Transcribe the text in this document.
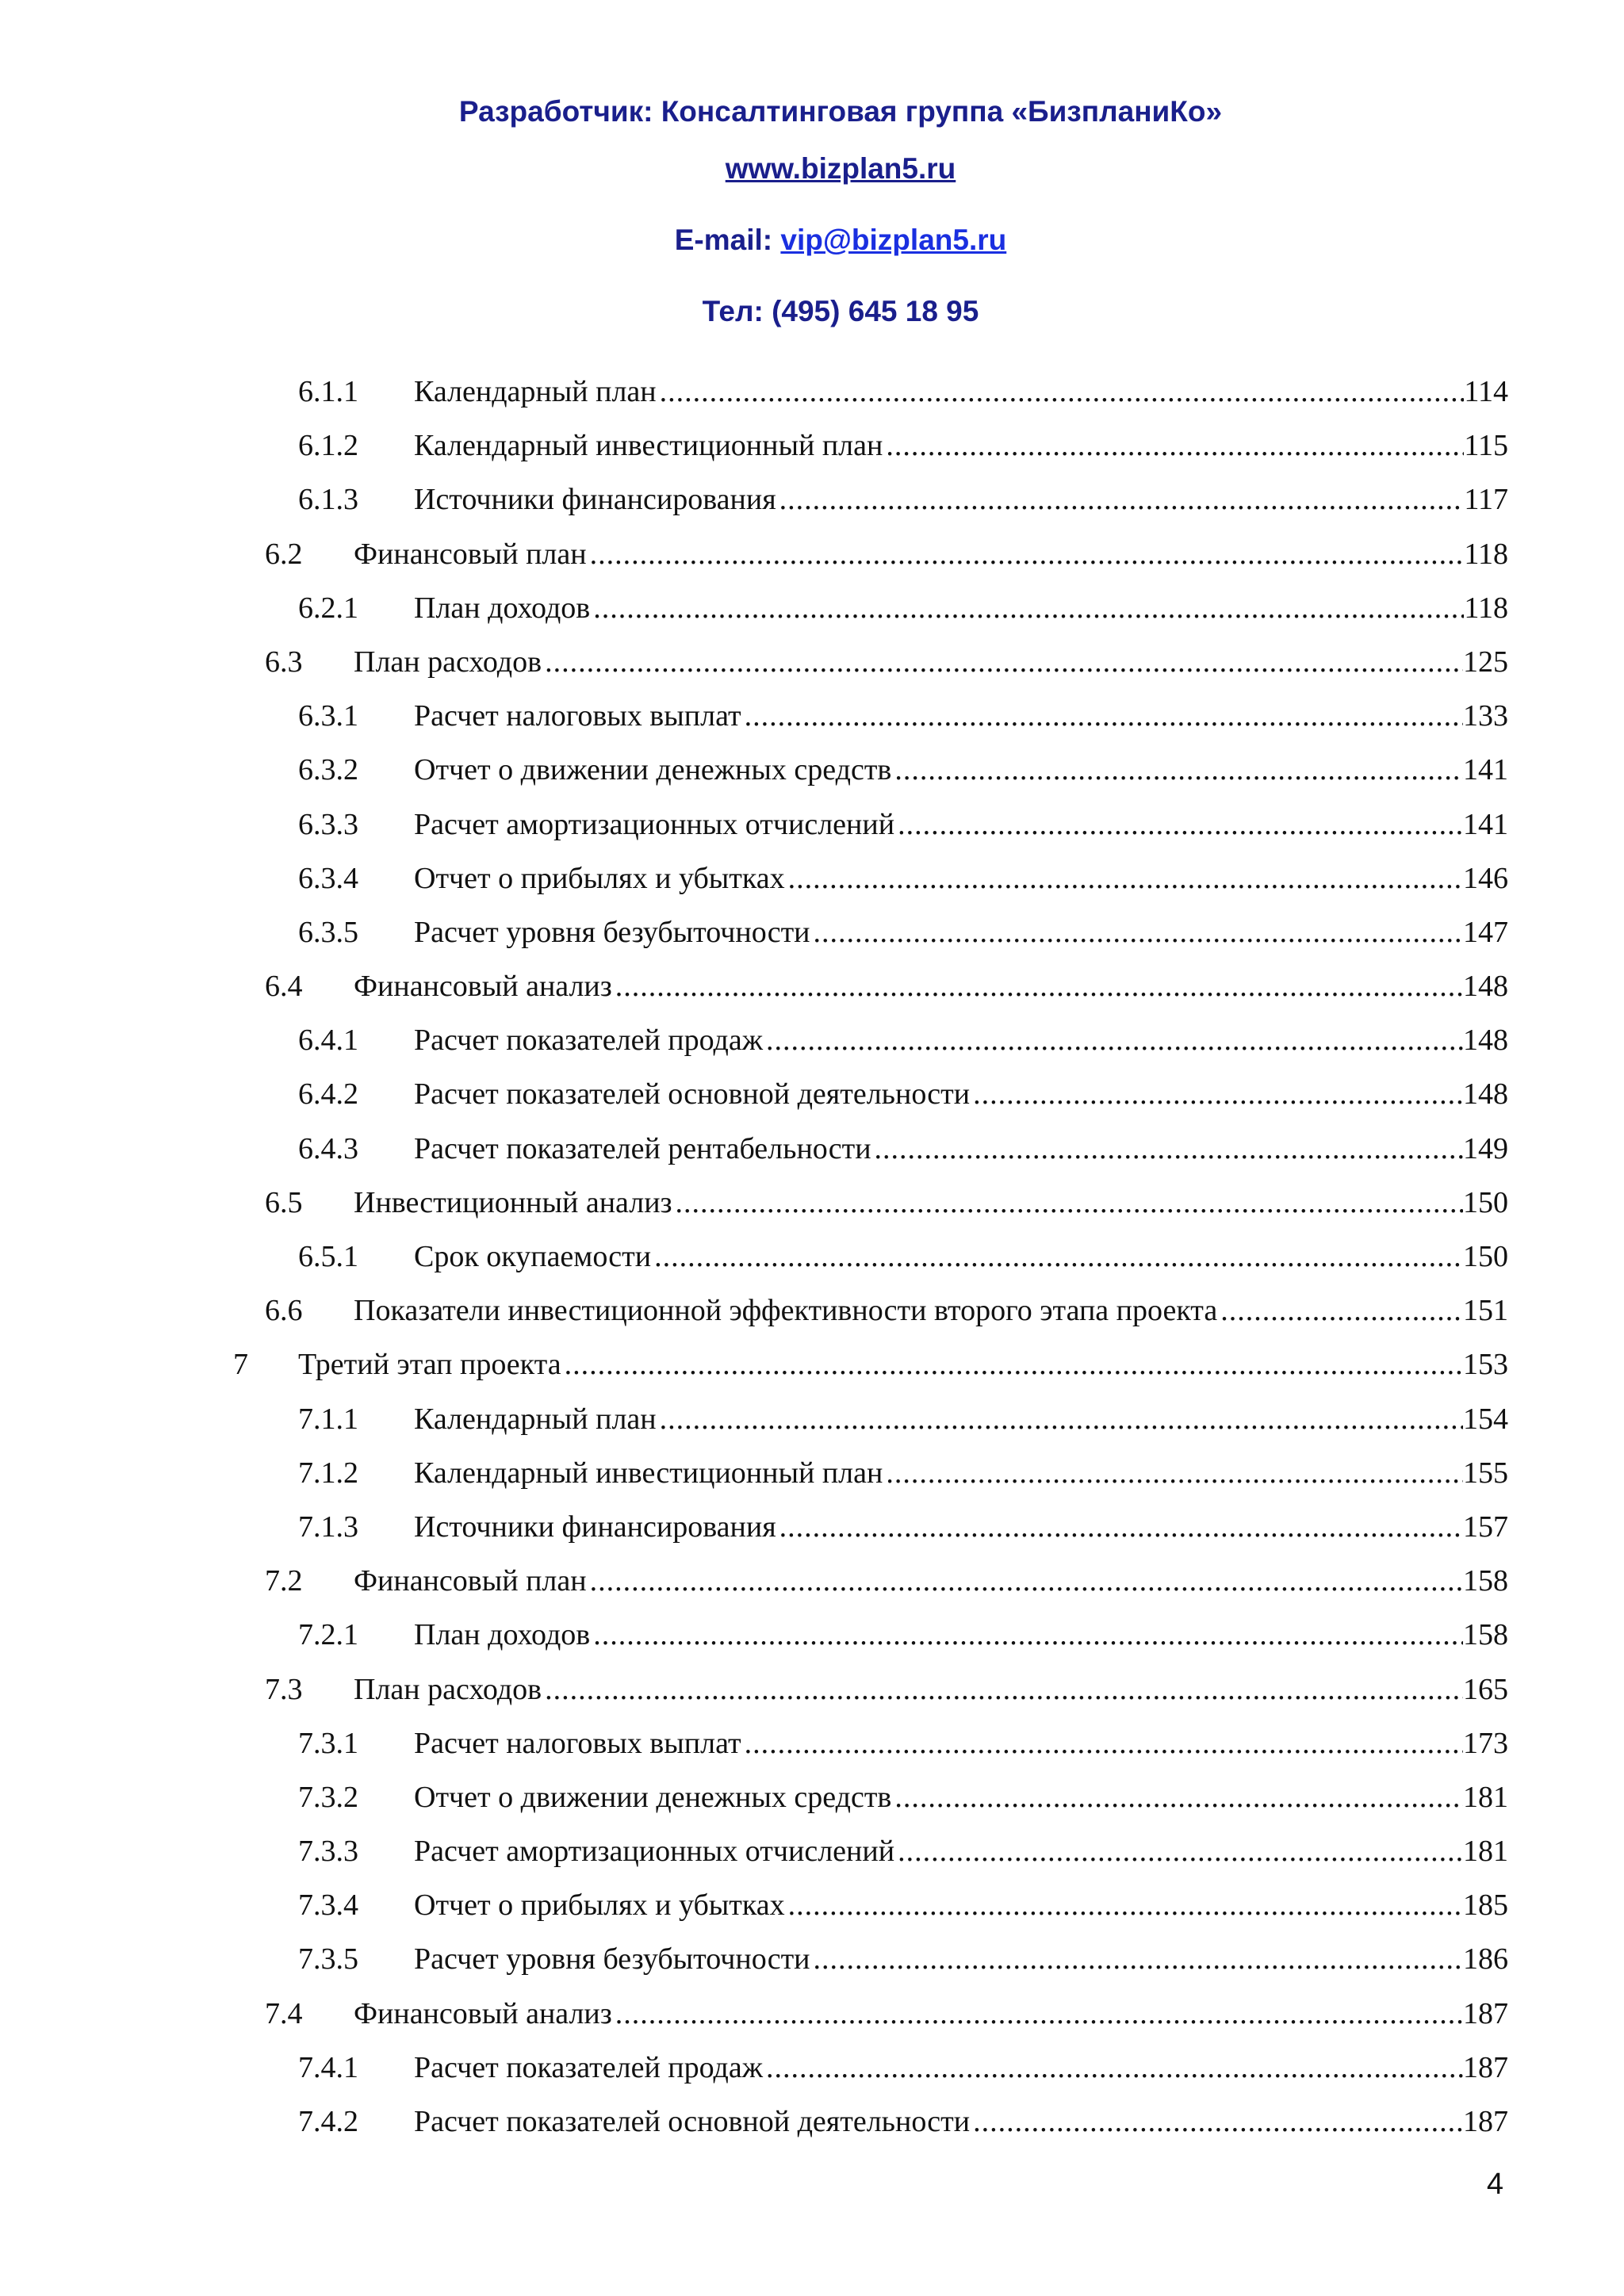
Разработчик: Консалтинговая группа «БизпланиКо»
www.bizplan5.ru
E-mail: vip@bizplan5.ru
Тел: (495) 645 18 95
6.1.1 Календарный план .....	114
6.1.2 Календарный инвестиционный план .....	115
6.1.3 Источники финансирования .....	117
6.2 Финансовый план .....	118
6.2.1 План доходов .....	118
6.3 План расходов .....	125
6.3.1 Расчет налоговых выплат .....	133
6.3.2 Отчет о движении денежных средств .....	141
6.3.3 Расчет амортизационных отчислений .....	141
6.3.4 Отчет о прибылях и убытках .....	146
6.3.5 Расчет уровня безубыточности .....	147
6.4 Финансовый анализ .....	148
6.4.1 Расчет показателей продаж .....	148
6.4.2 Расчет показателей основной деятельности .....	148
6.4.3 Расчет показателей рентабельности .....	149
6.5 Инвестиционный анализ .....	150
6.5.1 Срок окупаемости .....	150
6.6 Показатели инвестиционной эффективности второго этапа проекта .....	151
7 Третий этап проекта .....	153
7.1.1 Календарный план .....	154
7.1.2 Календарный инвестиционный план .....	155
7.1.3 Источники финансирования .....	157
7.2 Финансовый план .....	158
7.2.1 План доходов .....	158
7.3 План расходов .....	165
7.3.1 Расчет налоговых выплат .....	173
7.3.2 Отчет о движении денежных средств .....	181
7.3.3 Расчет амортизационных отчислений .....	181
7.3.4 Отчет о прибылях и убытках .....	185
7.3.5 Расчет уровня безубыточности .....	186
7.4 Финансовый анализ .....	187
7.4.1 Расчет показателей продаж .....	187
7.4.2 Расчет показателей основной деятельности .....	187
4
